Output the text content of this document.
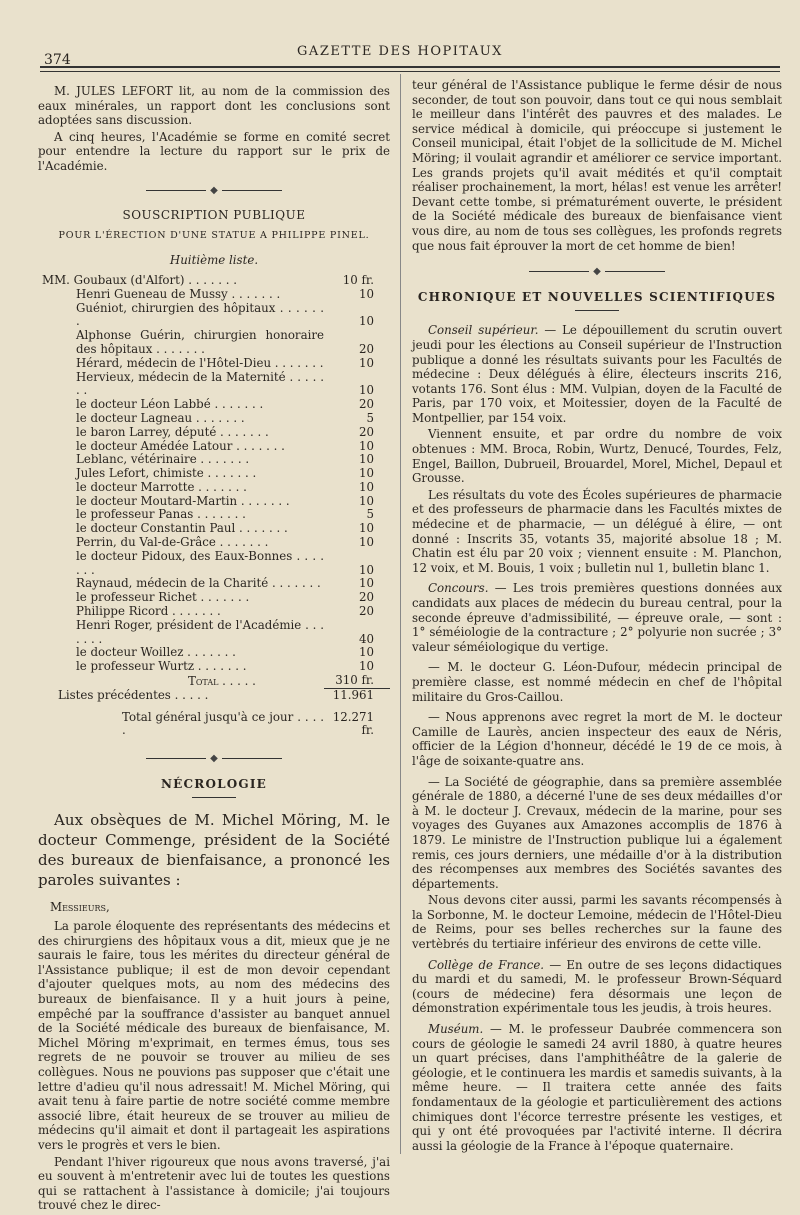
374
GAZETTE DES HOPITAUX

M. JULES LEFORT lit, au nom de la commission des eaux minérales, un rapport dont les conclusions sont adoptées sans discussion.

A cinq heures, l'Académie se forme en comité secret pour entendre la lecture du rapport sur le prix de l'Académie.

◆
SOUSCRIPTION PUBLIQUE
POUR L'ÉRECTION D'UNE STATUE A PHILIPPE PINEL.
Huitième liste.
MM. Goubaux (d'Alfort) . . . . . . .	10 fr.
Henri Gueneau de Mussy . . . . . . .	10
Guéniot, chirurgien des hôpitaux . . . . . . .	10
Alphonse Guérin, chirurgien honoraire des hôpitaux . . . . . . .	20
Hérard, médecin de l'Hôtel-Dieu . . . . . . .	10
Hervieux, médecin de la Maternité . . . . . . .	10
le docteur Léon Labbé . . . . . . .	20
le docteur Lagneau . . . . . . .	5
le baron Larrey, député . . . . . . .	20
le docteur Amédée Latour . . . . . . .	10
Leblanc, vétérinaire . . . . . . .	10
Jules Lefort, chimiste . . . . . . .	10
le docteur Marrotte . . . . . . .	10
le docteur Moutard-Martin . . . . . . .	10
le professeur Panas . . . . . . .	5
le docteur Constantin Paul . . . . . . .	10
Perrin, du Val-de-Grâce . . . . . . .	10
le docteur Pidoux, des Eaux-Bonnes . . . . . . .	10
Raynaud, médecin de la Charité . . . . . . .	10
le professeur Richet . . . . . . .	20
Philippe Ricord . . . . . . .	20
Henri Roger, président de l'Académie . . . . . . .	40
le docteur Woillez . . . . . . .	10
le professeur Wurtz . . . . . . .	10
Total . . . . .	310 fr.
Listes précédentes . . . . .	11.961
Total général jusqu'à ce jour . . . . .	12.271 fr.
◆
NÉCROLOGIE
Aux obsèques de M. Michel Möring, M. le docteur Commenge, président de la Société des bureaux de bienfaisance, a prononcé les paroles suivantes :
Messieurs,

La parole éloquente des représentants des médecins et des chirurgiens des hôpitaux vous a dit, mieux que je ne saurais le faire, tous les mérites du directeur général de l'Assistance publique; il est de mon devoir cependant d'ajouter quelques mots, au nom des médecins des bureaux de bienfaisance. Il y a huit jours à peine, empêché par la souffrance d'assister au banquet annuel de la Société médicale des bureaux de bienfaisance, M. Michel Möring m'exprimait, en termes émus, tous ses regrets de ne pouvoir se trouver au milieu de ses collègues. Nous ne pouvions pas supposer que c'était une lettre d'adieu qu'il nous adressait! M. Michel Möring, qui avait tenu à faire partie de notre société comme membre associé libre, était heureux de se trouver au milieu de médecins qu'il aimait et dont il partageait les aspirations vers le progrès et vers le bien.

Pendant l'hiver rigoureux que nous avons traversé, j'ai eu souvent à m'entretenir avec lui de toutes les questions qui se rattachent à l'assistance à domicile; j'ai toujours trouvé chez le direc-

teur général de l'Assistance publique le ferme désir de nous seconder, de tout son pouvoir, dans tout ce qui nous semblait le meilleur dans l'intérêt des pauvres et des malades. Le service médical à domicile, qui préoccupe si justement le Conseil municipal, était l'objet de la sollicitude de M. Michel Möring; il voulait agrandir et améliorer ce service important. Les grands projets qu'il avait médités et qu'il comptait réaliser prochainement, la mort, hélas! est venue les arrêter! Devant cette tombe, si prématurément ouverte, le président de la Société médicale des bureaux de bienfaisance vient vous dire, au nom de tous ses collègues, les profonds regrets que nous fait éprouver la mort de cet homme de bien!

◆
CHRONIQUE ET NOUVELLES SCIENTIFIQUES

Conseil supérieur. — Le dépouillement du scrutin ouvert jeudi pour les élections au Conseil supérieur de l'Instruction publique a donné les résultats suivants pour les Facultés de médecine : Deux délégués à élire, électeurs inscrits 216, votants 176. Sont élus : MM. Vulpian, doyen de la Faculté de Paris, par 170 voix, et Moitessier, doyen de la Faculté de Montpellier, par 154 voix.

Viennent ensuite, et par ordre du nombre de voix obtenues : MM. Broca, Robin, Wurtz, Denucé, Tourdes, Felz, Engel, Baillon, Dubrueil, Brouardel, Morel, Michel, Depaul et Grousse.

Les résultats du vote des Écoles supérieures de pharmacie et des professeurs de pharmacie dans les Facultés mixtes de médecine et de pharmacie, — un délégué à élire, — ont donné : Inscrits 35, votants 35, majorité absolue 18 ; M. Chatin est élu par 20 voix ; viennent ensuite : M. Planchon, 12 voix, et M. Bouis, 1 voix ; bulletin nul 1, bulletin blanc 1.

Concours. — Les trois premières questions données aux candidats aux places de médecin du bureau central, pour la seconde épreuve d'admissibilité, — épreuve orale, — sont : 1° séméiologie de la contracture ; 2° polyurie non sucrée ; 3° valeur séméiologique du vertige.

— M. le docteur G. Léon-Dufour, médecin principal de première classe, est nommé médecin en chef de l'hôpital militaire du Gros-Caillou.

— Nous apprenons avec regret la mort de M. le docteur Camille de Laurès, ancien inspecteur des eaux de Néris, officier de la Légion d'honneur, décédé le 19 de ce mois, à l'âge de soixante-quatre ans.

— La Société de géographie, dans sa première assemblée générale de 1880, a décerné l'une de ses deux médailles d'or à M. le docteur J. Crevaux, médecin de la marine, pour ses voyages des Guyanes aux Amazones accomplis de 1876 à 1879. Le ministre de l'Instruction publique lui a également remis, ces jours derniers, une médaille d'or à la distribution des récompenses aux membres des Sociétés savantes des départements.

Nous devons citer aussi, parmi les savants récompensés à la Sorbonne, M. le docteur Lemoine, médecin de l'Hôtel-Dieu de Reims, pour ses belles recherches sur la faune des vertèbrés du tertiaire inférieur des environs de cette ville.

Collège de France. — En outre de ses leçons didactiques du mardi et du samedi, M. le professeur Brown-Séquard (cours de médecine) fera désormais une leçon de démonstration expérimentale tous les jeudis, à trois heures.

Muséum. — M. le professeur Daubrée commencera son cours de géologie le samedi 24 avril 1880, à quatre heures un quart précises, dans l'amphithéâtre de la galerie de géologie, et le continuera les mardis et samedis suivants, à la même heure. — Il traitera cette année des faits fondamentaux de la géologie et particulièrement des actions chimiques dont l'écorce terrestre présente les vestiges, et qui y ont été provoquées par l'activité interne. Il décrira aussi la géologie de la France à l'époque quaternaire.
